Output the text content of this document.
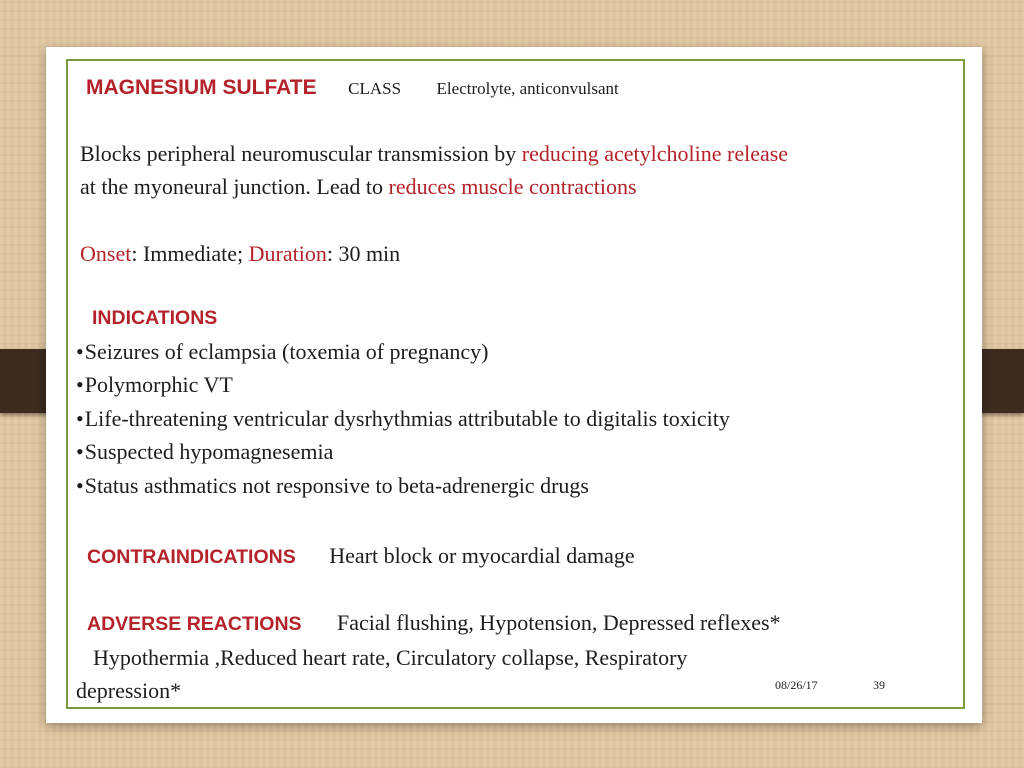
MAGNESIUM SULFATE CLASS Electrolyte, anticonvulsant
Blocks peripheral neuromuscular transmission by reducing acetylcholine release
at the myoneural junction. Lead to reduces muscle contractions
Onset: Immediate; Duration: 30 min
INDICATIONS
•Seizures of eclampsia (toxemia of pregnancy)
•Polymorphic VT
•Life-threatening ventricular dysrhythmias attributable to digitalis toxicity
•Suspected hypomagnesemia
•Status asthmatics not responsive to beta-adrenergic drugs
CONTRAINDICATIONS Heart block or myocardial damage
ADVERSE REACTIONS Facial flushing, Hypotension, Depressed reflexes*
Hypothermia ,Reduced heart rate, Circulatory collapse, Respiratory
depression*	08/26/17	39
